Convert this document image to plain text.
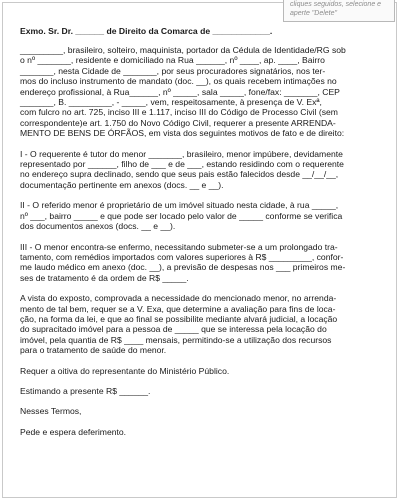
cliques seguidos, selecione e
aperte "Delete"
Exmo. Sr. Dr. ______ de Direito da Comarca de ____________.

_________, brasileiro, solteiro, maquinista, portador da Cédula de Identidade/RG sob

o nº _______, residente e domiciliado na Rua ______, nº ____, ap. ____, Bairro

_______, nesta Cidade de _______, por seus procuradores signatários, nos ter-

mos do incluso instrumento de mandato (doc. __), os quais recebem intimações no

endereço profissional, à Rua______, nº _____, sala _____, fone/fax: _______, CEP

_______, B. _________, - _____, vem, respeitosamente, à presença de V. Exª,

com fulcro no art. 725, inciso III e 1.117, inciso III do Código de Processo Civil (sem

correspondente)e art. 1.750 do Novo Código Civil, requerer a presente ARRENDA-

MENTO DE BENS DE ÓRFÃOS, em vista dos seguintes motivos de fato e de direito:

I - O requerente é tutor do menor _______, brasileiro, menor impúbere, devidamente

representado por ______, filho de ___ e de ___, estando residindo com o requerente

no endereço supra declinado, sendo que seus pais estão falecidos desde __/__/__,

documentação pertinente em anexos (docs. __ e __).

II - O referido menor é proprietário de um imóvel situado nesta cidade, à rua _____,

nº ___, bairro _____ e que pode ser locado pelo valor de _____ conforme se verifica

dos documentos anexos (docs. __ e __).

III - O menor encontra-se enfermo, necessitando submeter-se a um prolongado tra-

tamento, com remédios importados com valores superiores à R$ _________, confor-

me laudo médico em anexo (doc. __), a previsão de despesas nos ___ primeiros me-

ses de tratamento é da ordem de R$ _____.

A vista do exposto, comprovada a necessidade do mencionado menor, no arrenda-

mento de tal bem, requer se a V. Exa, que determine a avaliação para fins de loca-

ção, na forma da lei, e que ao final se possibilite mediante alvará judicial, a locação

do supracitado imóvel para a pessoa de _____ que se interessa pela locação do

imóvel, pela quantia de R$ ____ mensais, permitindo-se a utilização dos recursos

para o tratamento de saúde do menor.

Requer a oitiva do representante do Ministério Público.

Estimando a presente R$ ______.

Nesses Termos,

Pede e espera deferimento.
